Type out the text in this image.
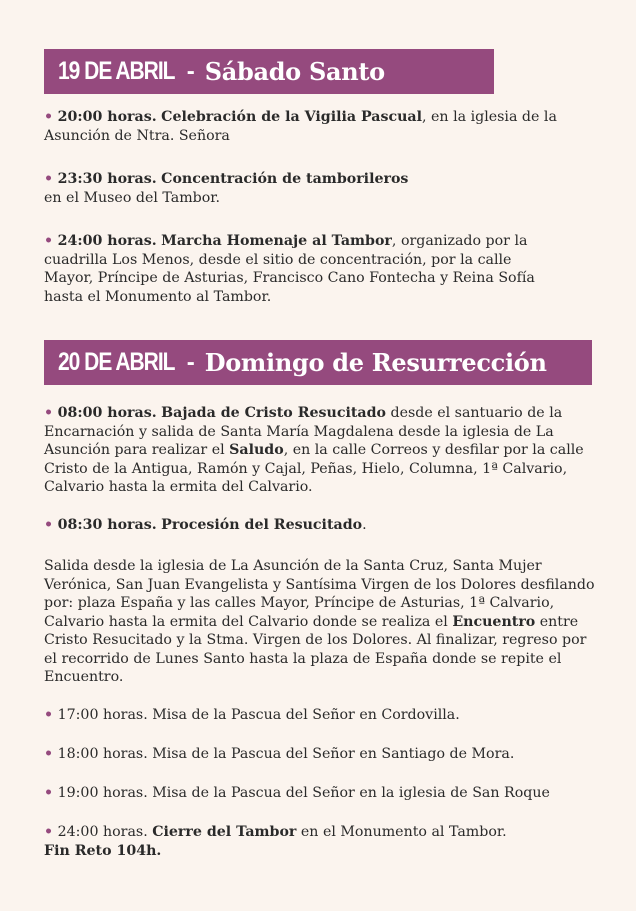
19 DE ABRIL - Sábado Santo

• 20:00 horas. Celebración de la Vigilia Pascual, en la iglesia de la Asunción de Ntra. Señora

• 23:30 horas. Concentración de tamborileros
en el Museo del Tambor.

• 24:00 horas. Marcha Homenaje al Tambor, organizado por la cuadrilla Los Menos, desde el sitio de concentración, por la calle Mayor, Príncipe de Asturias, Francisco Cano Fontecha y Reina Sofía hasta el Monumento al Tambor.

20 DE ABRIL - Domingo de Resurrección

• 08:00 horas. Bajada de Cristo Resucitado desde el santuario de la Encarnación y salida de Santa María Magdalena desde la iglesia de La Asunción para realizar el Saludo, en la calle Correos y desfilar por la calle Cristo de la Antigua, Ramón y Cajal, Peñas, Hielo, Columna, 1ª Calvario, Calvario hasta la ermita del Calvario.

• 08:30 horas. Procesión del Resucitado.

Salida desde la iglesia de La Asunción de la Santa Cruz, Santa Mujer Verónica, San Juan Evangelista y Santísima Virgen de los Dolores desfilando por: plaza España y las calles Mayor, Príncipe de Asturias, 1ª Calvario, Calvario hasta la ermita del Calvario donde se realiza el Encuentro entre Cristo Resucitado y la Stma. Virgen de los Dolores. Al finalizar, regreso por el recorrido de Lunes Santo hasta la plaza de España donde se repite el Encuentro.

• 17:00 horas. Misa de la Pascua del Señor en Cordovilla.

• 18:00 horas. Misa de la Pascua del Señor en Santiago de Mora.

• 19:00 horas. Misa de la Pascua del Señor en la iglesia de San Roque

• 24:00 horas. Cierre del Tambor en el Monumento al Tambor.
Fin Reto 104h.
